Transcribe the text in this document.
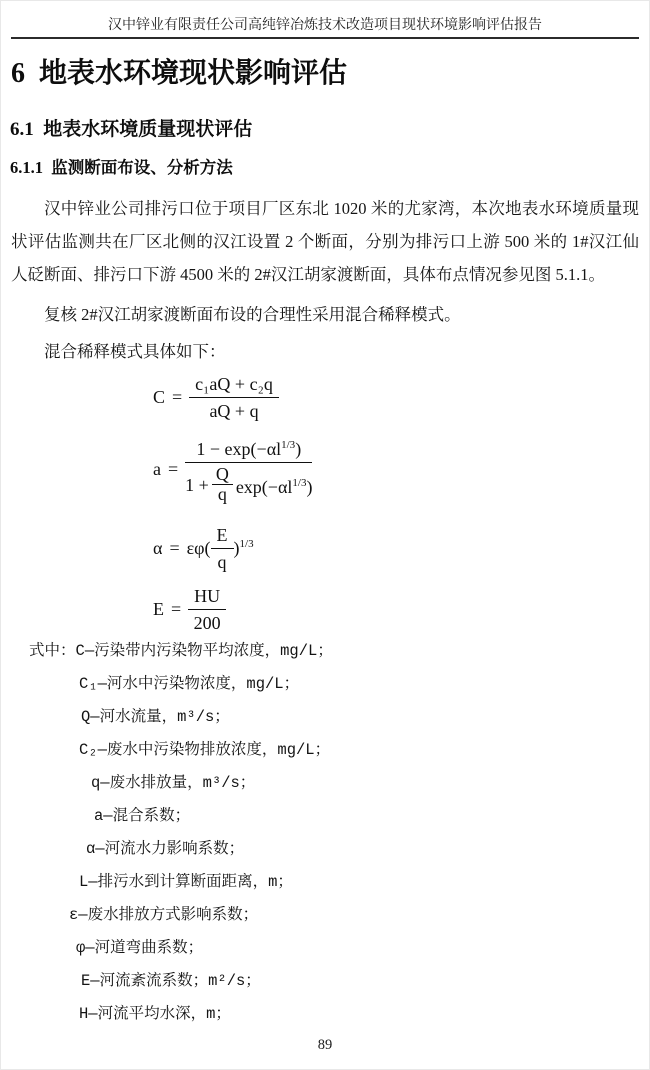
汉中锌业有限责任公司高纯锌冶炼技术改造项目现状环境影响评估报告
6  地表水环境现状影响评估
6.1  地表水环境质量现状评估
6.1.1  监测断面布设、分析方法
汉中锌业公司排污口位于项目厂区东北 1020 米的尤家湾，本次地表水环境质量现状评估监测共在厂区北侧的汉江设置 2 个断面，分别为排污口上游 500 米的 1#汉江仙人砭断面、排污口下游 4500 米的 2#汉江胡家渡断面，具体布点情况参见图 5.1.1。
复核 2#汉江胡家渡断面布设的合理性采用混合稀释模式。
混合稀释模式具体如下：
$C = \frac{\text{c₁aQ + c₂q}}{aQ + q}$
a =
$1 - \exp(-\alpha l^{1/3})$
$1 + \frac{Q}{q} \exp(-\alpha l^{1/3})$
$\alpha = \varepsilon\varphi( \frac{E}{q} )^{1/3}$
$E = \frac{HU}{200}$
式中：C—污染带内污染物平均浓度，mg/L；
C₁—河水中污染物浓度，mg/L；
Q—河水流量，m³/s；
C₂—废水中污染物排放浓度，mg/L；
q—废水排放量，m³/s；
a—混合系数；
α—河流水力影响系数；
L—排污水到计算断面距离，m；
ε—废水排放方式影响系数；
φ—河道弯曲系数；
E—河流紊流系数；m²/s；
H—河流平均水深，m；
89
